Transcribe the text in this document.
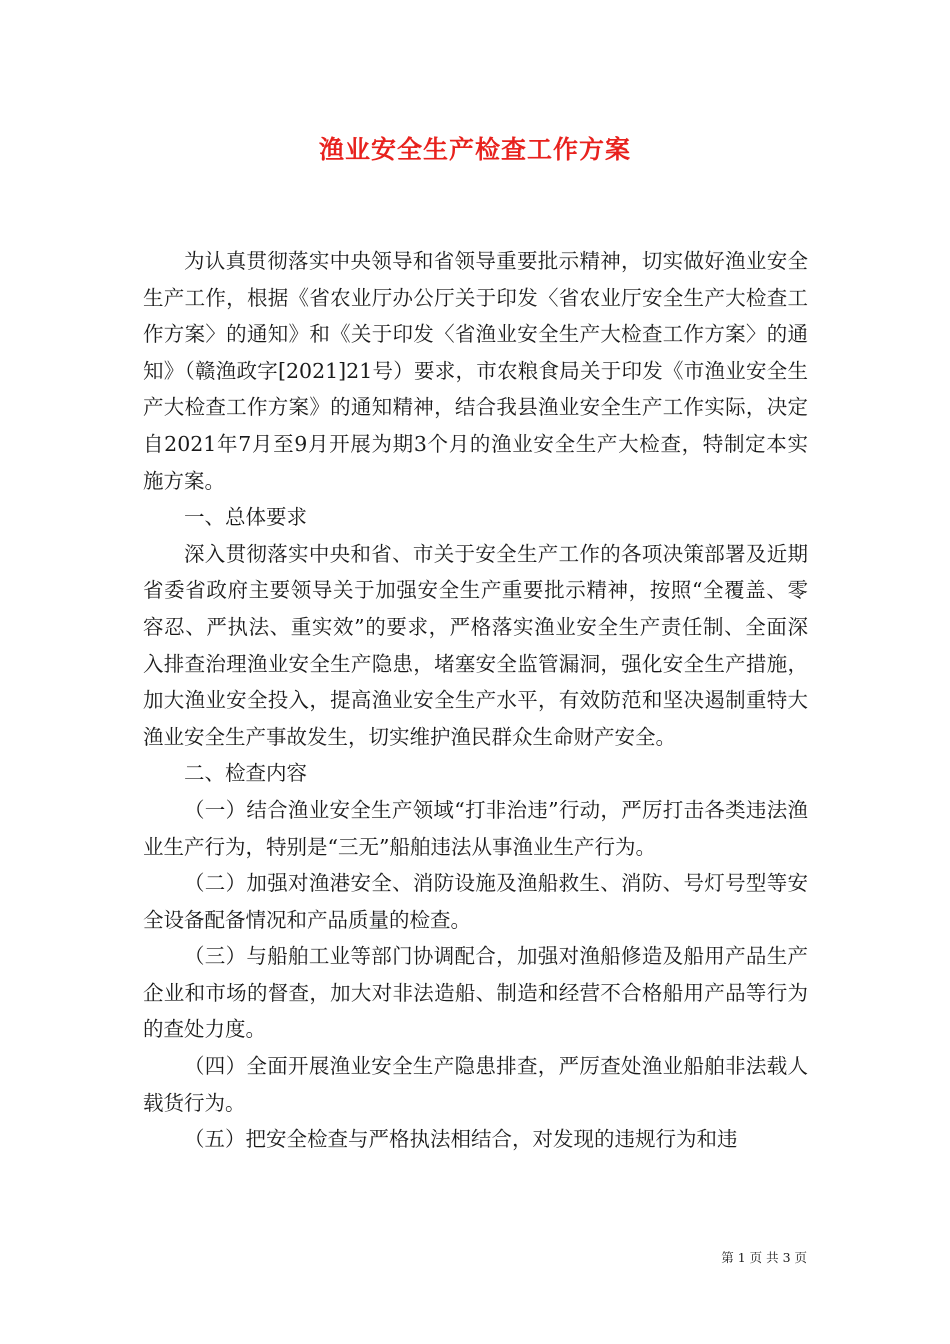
渔业安全生产检查工作方案

为认真贯彻落实中央领导和省领导重要批示精神，切实做好渔业安全生产工作，根据《省农业厅办公厅关于印发〈省农业厅安全生产大检查工作方案〉的通知》和《关于印发〈省渔业安全生产大检查工作方案〉的通知》（赣渔政字[2021]21号）要求，市农粮食局关于印发《市渔业安全生产大检查工作方案》的通知精神，结合我县渔业安全生产工作实际，决定自2021年7月至9月开展为期3个月的渔业安全生产大检查，特制定本实施方案。

一、总体要求

深入贯彻落实中央和省、市关于安全生产工作的各项决策部署及近期省委省政府主要领导关于加强安全生产重要批示精神，按照“全覆盖、零容忍、严执法、重实效”的要求，严格落实渔业安全生产责任制、全面深入排查治理渔业安全生产隐患，堵塞安全监管漏洞，强化安全生产措施，加大渔业安全投入，提高渔业安全生产水平，有效防范和坚决遏制重特大渔业安全生产事故发生，切实维护渔民群众生命财产安全。

二、检查内容

（一）结合渔业安全生产领域“打非治违”行动，严厉打击各类违法渔业生产行为，特别是“三无”船舶违法从事渔业生产行为。

（二）加强对渔港安全、消防设施及渔船救生、消防、号灯号型等安全设备配备情况和产品质量的检查。

（三）与船舶工业等部门协调配合，加强对渔船修造及船用产品生产企业和市场的督查，加大对非法造船、制造和经营不合格船用产品等行为的查处力度。

（四）全面开展渔业安全生产隐患排查，严厉查处渔业船舶非法载人载货行为。

（五）把安全检查与严格执法相结合，对发现的违规行为和违

第 1 页 共 3 页
